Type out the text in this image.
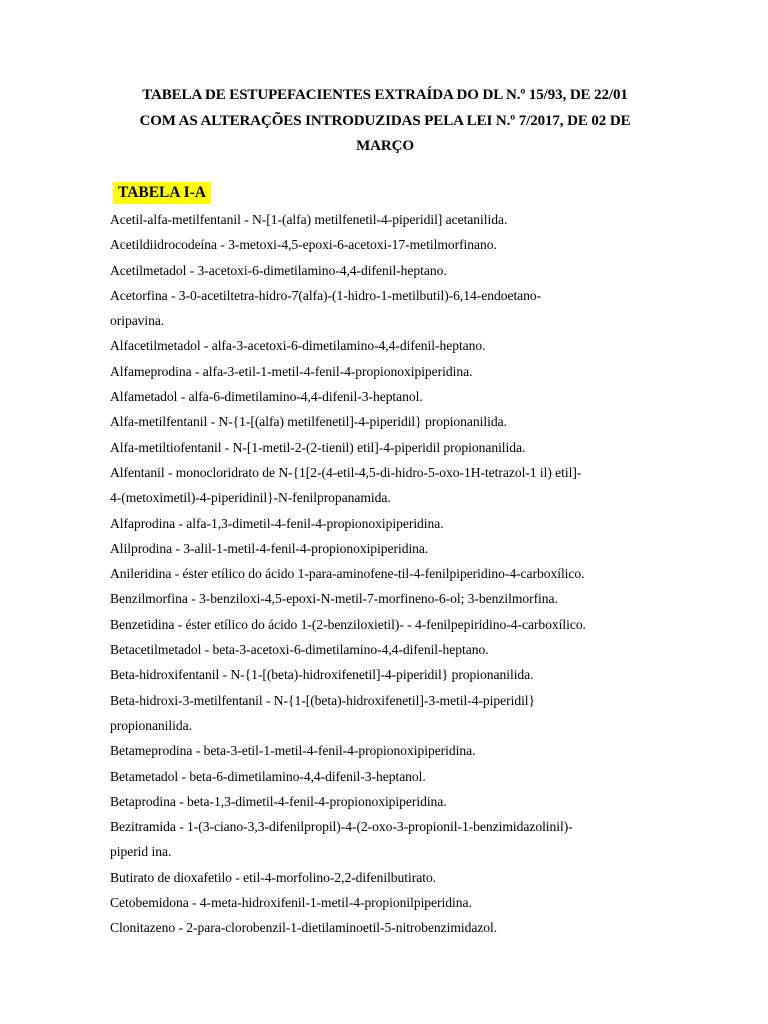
TABELA DE ESTUPEFACIENTES EXTRAÍDA DO DL N.º 15/93, DE 22/01
COM AS ALTERAÇÕES INTRODUZIDAS PELA LEI N.º 7/2017, DE 02 DE
MARÇO
TABELA I-A
Acetil-alfa-metilfentanil - N-[1-(alfa) metilfenetil-4-piperidil] acetanilida.
Acetildiidrocodeína - 3-metoxi-4,5-epoxi-6-acetoxi-17-metilmorfinano.
Acetilmetadol - 3-acetoxi-6-dimetilamino-4,4-difenil-heptano.
Acetorfina - 3-0-acetiltetra-hidro-7(alfa)-(1-hidro-1-metilbutil)-6,14-endoetano-
oripavina.
Alfacetilmetadol - alfa-3-acetoxi-6-dimetilamino-4,4-difenil-heptano.
Alfameprodina - alfa-3-etil-1-metil-4-fenil-4-propionoxipiperidina.
Alfametadol - alfa-6-dimetilamino-4,4-difenil-3-heptanol.
Alfa-metilfentanil - N-{1-[(alfa) metilfenetil]-4-piperidil} propionanilida.
Alfa-metiltiofentanil - N-[1-metil-2-(2-tienil) etil]-4-piperidil propionanilida.
Alfentanil - monocloridrato de N-{1[2-(4-etil-4,5-di-hidro-5-oxo-1H-tetrazol-1 il) etil]-
4-(metoximetil)-4-piperidinil}-N-fenilpropanamida.
Alfaprodina - alfa-1,3-dimetil-4-fenil-4-propionoxipiperidina.
Alilprodina - 3-alil-1-metil-4-fenil-4-propionoxipiperidina.
Anileridina - éster etílico do ácido 1-para-aminofene-til-4-fenilpiperidino-4-carboxílico.
Benzilmorfina - 3-benziloxi-4,5-epoxi-N-metil-7-morfineno-6-ol; 3-benzilmorfina.
Benzetidina - éster etílico do ácido 1-(2-benziloxietil)- - 4-fenilpepiridino-4-carboxílico.
Betacetilmetadol - beta-3-acetoxi-6-dimetilamino-4,4-difenil-heptano.
Beta-hidroxifentanil - N-{1-[(beta)-hidroxifenetil]-4-piperidil} propionanilida.
Beta-hidroxi-3-metilfentanil - N-{1-[(beta)-hidroxifenetil]-3-metil-4-piperidil}
propionanilida.
Betameprodina - beta-3-etil-1-metil-4-fenil-4-propionoxipiperidina.
Betametadol - beta-6-dimetilamino-4,4-difenil-3-heptanol.
Betaprodina - beta-1,3-dimetil-4-fenil-4-propionoxipiperidina.
Bezitramida - 1-(3-ciano-3,3-difenilpropil)-4-(2-oxo-3-propionil-1-benzimidazolinil)-
piperid ina.
Butirato de dioxafetilo - etil-4-morfolino-2,2-difenilbutirato.
Cetobemidona - 4-meta-hidroxifenil-1-metil-4-propionilpiperidina.
Clonitazeno - 2-para-clorobenzil-1-dietilaminoetil-5-nitrobenzimidazol.
